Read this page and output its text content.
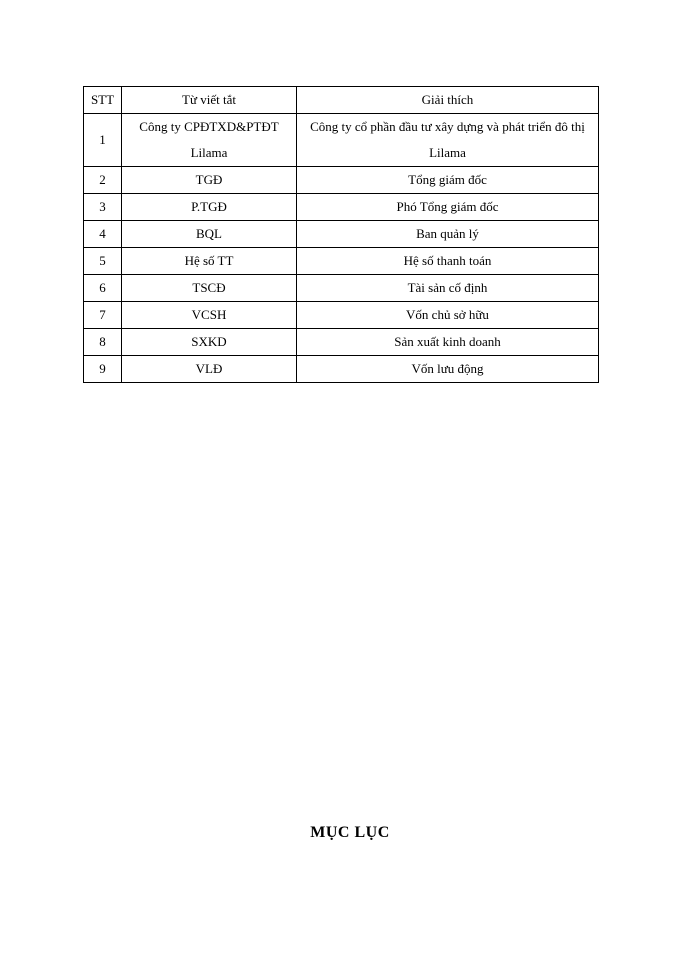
STT	Từ viết tắt	Giải thích
1	Công ty CPĐTXD&PTĐT Lilama	Công ty cổ phần đầu tư xây dựng và phát triển đô thị Lilama
2	TGĐ	Tổng giám đốc
3	P.TGĐ	Phó Tổng giám đốc
4	BQL	Ban quản lý
5	Hệ số TT	Hệ số thanh toán
6	TSCĐ	Tài sản cố định
7	VCSH	Vốn chủ sở hữu
8	SXKD	Sản xuất kinh doanh
9	VLĐ	Vốn lưu động
MỤC LỤC
